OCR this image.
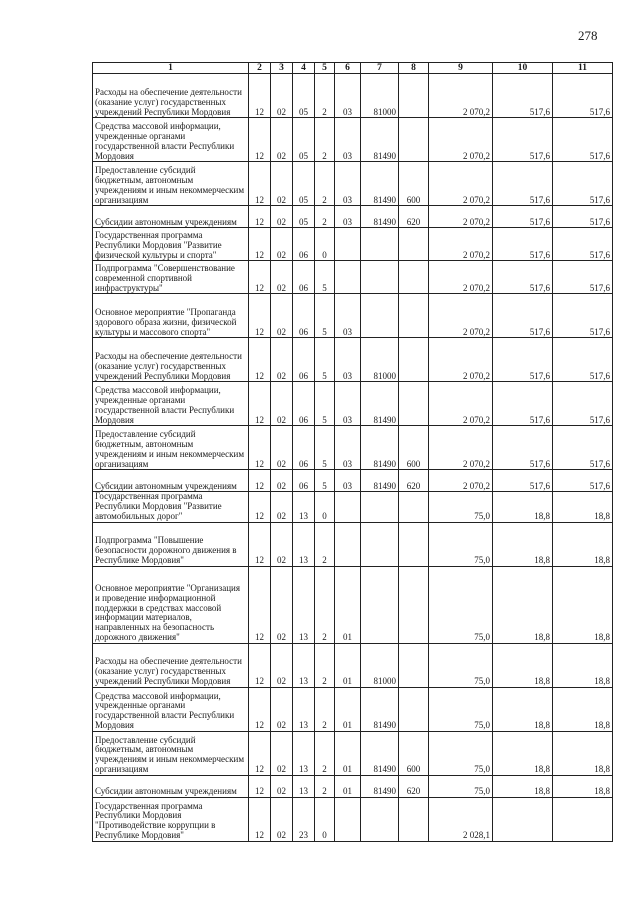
278
1	2	3	4	5	6	7	8	9	10	11
Расходы на обеспечение деятельности (оказание услуг) государственных учреждений Республики Мордовия	12	02	05	2	03	81000		2 070,2	517,6	517,6
Средства массовой информации, учрежденные органами государственной власти Республики Мордовия	12	02	05	2	03	81490		2 070,2	517,6	517,6
Предоставление субсидий бюджетным, автономным учреждениям и иным некоммерческим организациям	12	02	05	2	03	81490	600	2 070,2	517,6	517,6
Субсидии автономным учреждениям	12	02	05	2	03	81490	620	2 070,2	517,6	517,6
Государственная программа Республики Мордовия "Развитие физической культуры и спорта"	12	02	06	0				2 070,2	517,6	517,6
Подпрограмма "Совершенствование современной спортивной инфраструктуры"	12	02	06	5				2 070,2	517,6	517,6
Основное мероприятие "Пропаганда здорового образа жизни, физической культуры и массового спорта"	12	02	06	5	03			2 070,2	517,6	517,6
Расходы на обеспечение деятельности (оказание услуг) государственных учреждений Республики Мордовия	12	02	06	5	03	81000		2 070,2	517,6	517,6
Средства массовой информации, учрежденные органами государственной власти Республики Мордовия	12	02	06	5	03	81490		2 070,2	517,6	517,6
Предоставление субсидий бюджетным, автономным учреждениям и иным некоммерческим организациям	12	02	06	5	03	81490	600	2 070,2	517,6	517,6
Субсидии автономным учреждениям	12	02	06	5	03	81490	620	2 070,2	517,6	517,6
Государственная программа Республики Мордовия "Развитие автомобильных дорог"	12	02	13	0				75,0	18,8	18,8
Подпрограмма "Повышение безопасности дорожного движения в Республике Мордовия"	12	02	13	2				75,0	18,8	18,8
Основное мероприятие "Организация и проведение информационной поддержки в средствах массовой информации материалов, направленных на безопасность дорожного движения"	12	02	13	2	01			75,0	18,8	18,8
Расходы на обеспечение деятельности (оказание услуг) государственных учреждений Республики Мордовия	12	02	13	2	01	81000		75,0	18,8	18,8
Средства массовой информации, учрежденные органами государственной власти Республики Мордовия	12	02	13	2	01	81490		75,0	18,8	18,8
Предоставление субсидий бюджетным, автономным учреждениям и иным некоммерческим организациям	12	02	13	2	01	81490	600	75,0	18,8	18,8
Субсидии автономным учреждениям	12	02	13	2	01	81490	620	75,0	18,8	18,8
Государственная программа Республики Мордовия "Противодействие коррупции в Республике Мордовия"	12	02	23	0				2 028,1		
